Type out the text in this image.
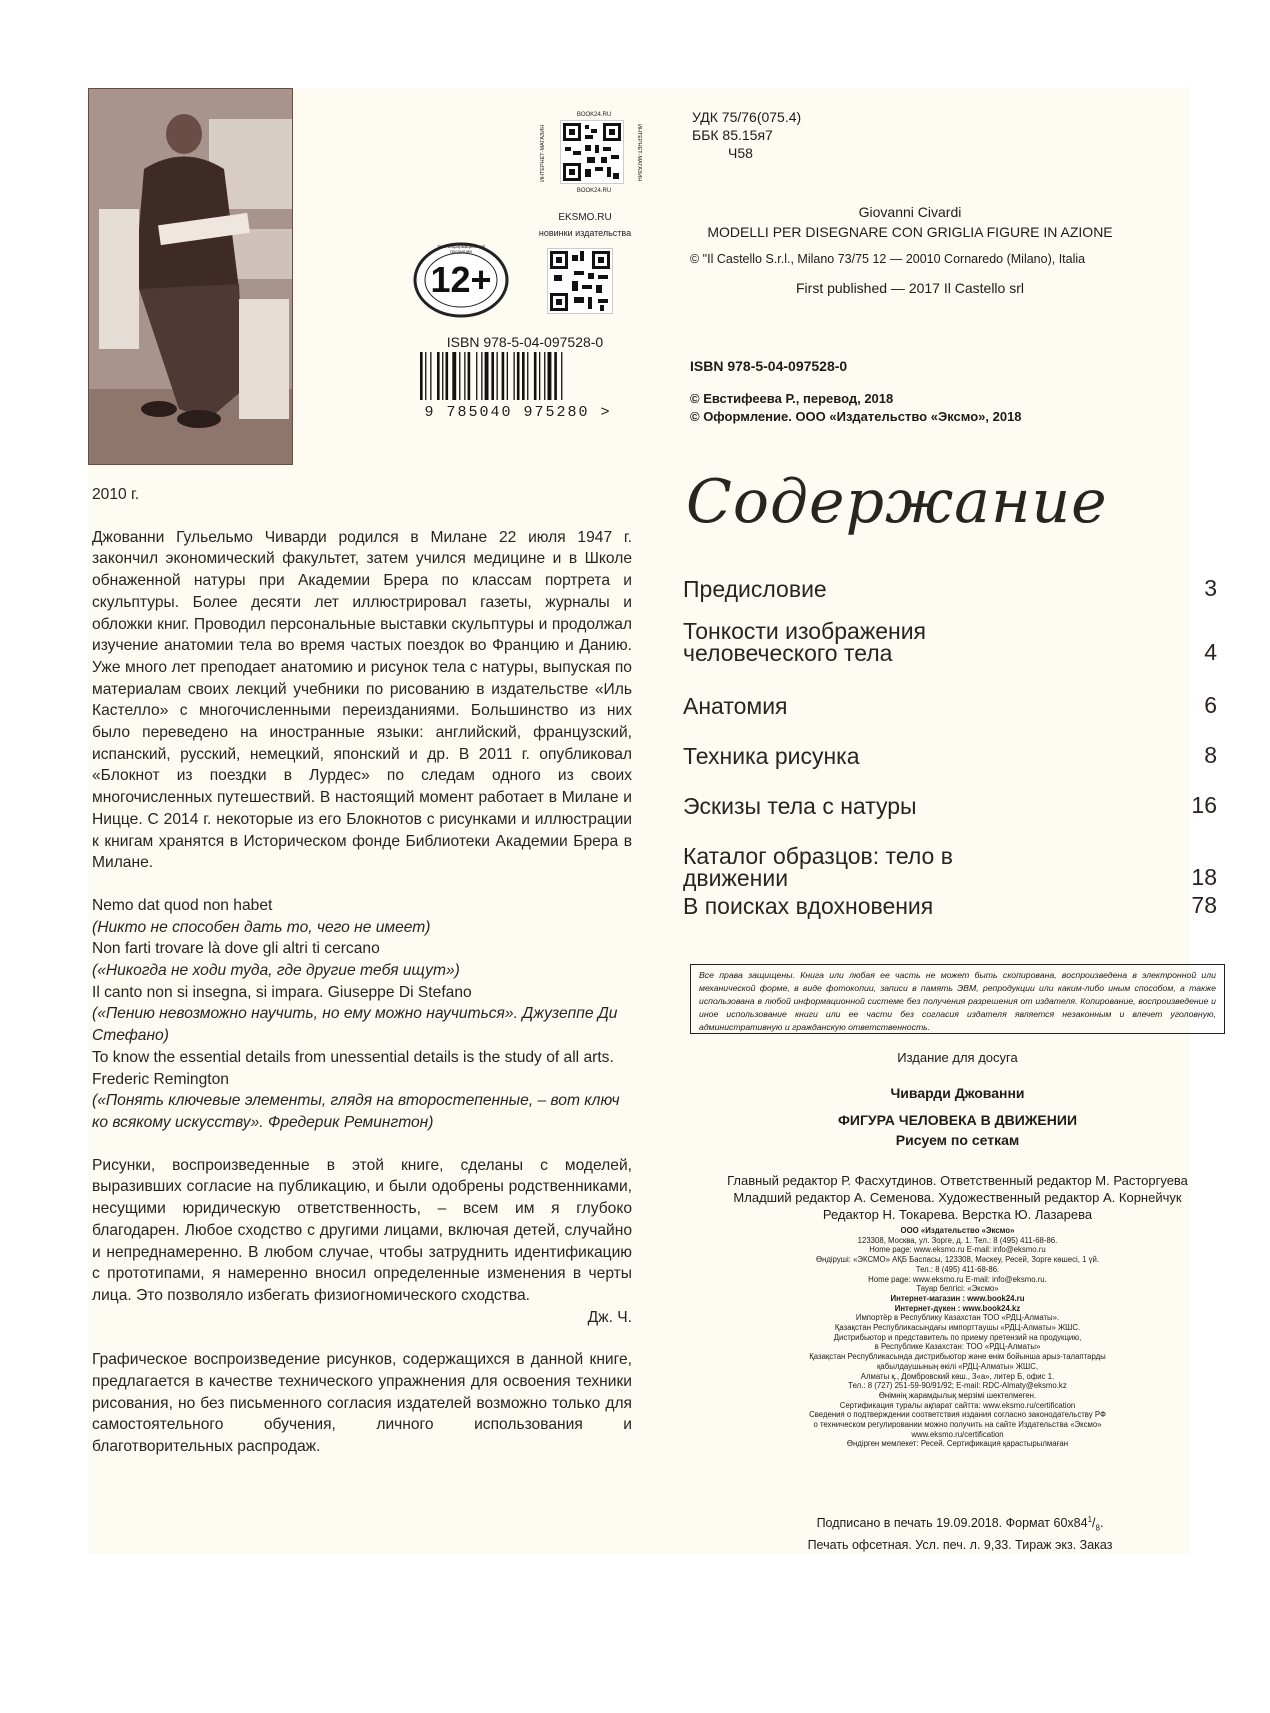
BOOK24.RU
BOOK24.RU
ИНТЕРНЕТ-МАГАЗИН	ИНТЕРНЕТ-МАГАЗИН
EKSMO.RU
новинки издательства
12+
Знак информационной продукции
ISBN 978-5-04-097528-0
9 785040 975280 >
УДК 75/76(075.4)
ББК 85.15я7
Ч58
Giovanni Civardi
MODELLI PER DISEGNARE CON GRIGLIA FIGURE IN AZIONE
© "Il Castello S.r.l., Milano 73/75 12 — 20010 Cornaredo (Milano), Italia
First published — 2017 Il Castello srl
ISBN 978-5-04-097528-0
© Евстифеева Р., перевод, 2018
© Оформление. ООО «Издательство «Эксмо», 2018

2010 г.

Джованни Гульельмо Чиварди родился в Милане 22 июля 1947 г. закончил экономический факультет, затем учился медицине и в Школе обнаженной натуры при Академии Брера по классам портрета и скульптуры. Более десяти лет иллюстрировал газеты, журналы и обложки книг. Проводил персональные выставки скульптуры и продолжал изучение анатомии тела во время частых поездок во Францию и Данию. Уже много лет преподает анатомию и рисунок тела с натуры, выпуская по материалам своих лекций учебники по рисованию в издательстве «Иль Кастелло» с многочисленными переизданиями. Большинство из них было переведено на иностранные языки: английский, французский, испанский, русский, немецкий, японский и др. В 2011 г. опубликовал «Блокнот из поездки в Лурдес» по следам одного из своих многочисленных путешествий. В настоящий момент работает в Милане и Ницце. С 2014 г. некоторые из его Блокнотов с рисунками и иллюстрации к книгам хранятся в Историческом фонде Библиотеки Академии Брера в Милане.

Nemo dat quod non habet

(Никто не способен дать то, чего не имеет)

Non farti trovare là dove gli altri ti cercano

(«Никогда не ходи туда, где другие тебя ищут»)

Il canto non si insegna, si impara. Giuseppe Di Stefano

(«Пению невозможно научить, но ему можно научиться». Джузеппе Ди Стефано)

To know the essential details from unessential details is the study of all arts. Frederic Remington

(«Понять ключевые элементы, глядя на второстепенные, – вот ключ ко всякому искусству». Фредерик Ремингтон)

Рисунки, воспроизведенные в этой книге, сделаны с моделей, выразивших согласие на публикацию, и были одобрены родственниками, несущими юридическую ответственность, – всем им я глубоко благодарен. Любое сходство с другими лицами, включая детей, случайно и непреднамеренно. В любом случае, чтобы затруднить идентификацию с прототипами, я намеренно вносил определенные изменения в черты лица. Это позволяло избегать физиогномического сходства.

Дж. Ч.

Графическое воспроизведение рисунков, содержащихся в данной книге, предлагается в качестве технического упражнения для освоения техники рисования, но без письменного согласия издателей возможно только для самостоятельного обучения, личного использования и благотворительных распродаж.

Содержание
Предисловие	3
Тонкости изображения человеческого тела	4
Анатомия	6
Техника рисунка	8
Эскизы тела с натуры	16
Каталог образцов: тело в движении	18
В поисках вдохновения	78
Все права защищены. Книга или любая ее часть не может быть скопирована, воспроизведена в электронной или механической форме, в виде фотокопии, записи в память ЭВМ, репродукции или каким-либо иным способом, а также использована в любой информационной системе без получения разрешения от издателя. Копирование, воспроизведение и иное использование книги или ее части без согласия издателя является незаконным и влечет уголовную, административную и гражданскую ответственность.
Издание для досуга
Чиварди Джованни
ФИГУРА ЧЕЛОВЕКА В ДВИЖЕНИИ
Рисуем по сеткам
Главный редактор Р. Фасхутдинов. Ответственный редактор М. Расторгуева
Младший редактор А. Семенова. Художественный редактор А. Корнейчук
Редактор Н. Токарева. Верстка Ю. Лазарева
ООО «Издательство «Эксмо»
123308, Москва, ул. Зорге, д. 1. Тел.: 8 (495) 411-68-86.
Home page: www.eksmo.ru E-mail: info@eksmo.ru
Өндіруші: «ЭКСМО» АҚБ Баспасы, 123308, Мәскеу, Ресей, Зорге көшесі, 1 үй.
Тел.: 8 (495) 411-68-86.
Home page: www.eksmo.ru E-mail: info@eksmo.ru.
Тауар белгісі: «Эксмо»
Интернет-магазин : www.book24.ru
Интернет-дүкен : www.book24.kz
Импортёр в Республику Казахстан ТОО «РДЦ-Алматы».
Қазақстан Республикасындағы импорттаушы «РДЦ-Алматы» ЖШС.
Дистрибьютор и представитель по приему претензий на продукцию,
в Республике Казахстан: ТОО «РДЦ-Алматы»
Қазақстан Республикасында дистрибьютор және өнім бойынша арыз-талаптарды
қабылдаушының өкілі «РДЦ-Алматы» ЖШС,
Алматы қ., Домбровский көш., 3«а», литер Б, офис 1.
Тел.: 8 (727) 251-59-90/91/92; E-mail: RDC-Almaty@eksmo.kz
Өнімнің жарамдылық мерзімі шектелмеген.
Сертификация туралы ақпарат сайтта: www.eksmo.ru/certification
Сведения о подтверждении соответствия издания согласно законодательству РФ
о техническом регулировании можно получить на сайте Издательства «Эксмо»
www.eksmo.ru/certification
Өндірген мемлекет: Ресей. Сертификация қарастырылмаған
Подписано в печать 19.09.2018. Формат $60x84^1/_8$.
Печать офсетная. Усл. печ. л. 9,33. Тираж экз. Заказ
